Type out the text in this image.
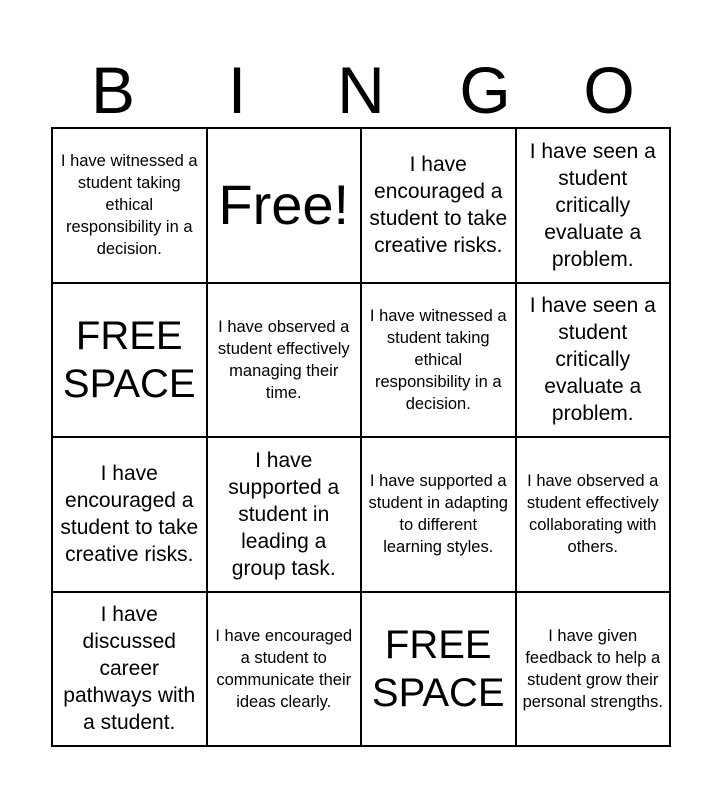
B	I	N	G	O
I have witnessed a student taking ethical responsibility in a decision.
Free!
I have encouraged a student to take creative risks.
I have seen a student critically evaluate a problem.
FREE SPACE
I have observed a student effectively managing their time.
I have witnessed a student taking ethical responsibility in a decision.
I have seen a student critically evaluate a problem.
I have encouraged a student to take creative risks.
I have supported a student in leading a group task.
I have supported a student in adapting to different learning styles.
I have observed a student effectively collaborating with others.
I have discussed career pathways with a student.
I have encouraged a student to communicate their ideas clearly.
FREE SPACE
I have given feedback to help a student grow their personal strengths.
